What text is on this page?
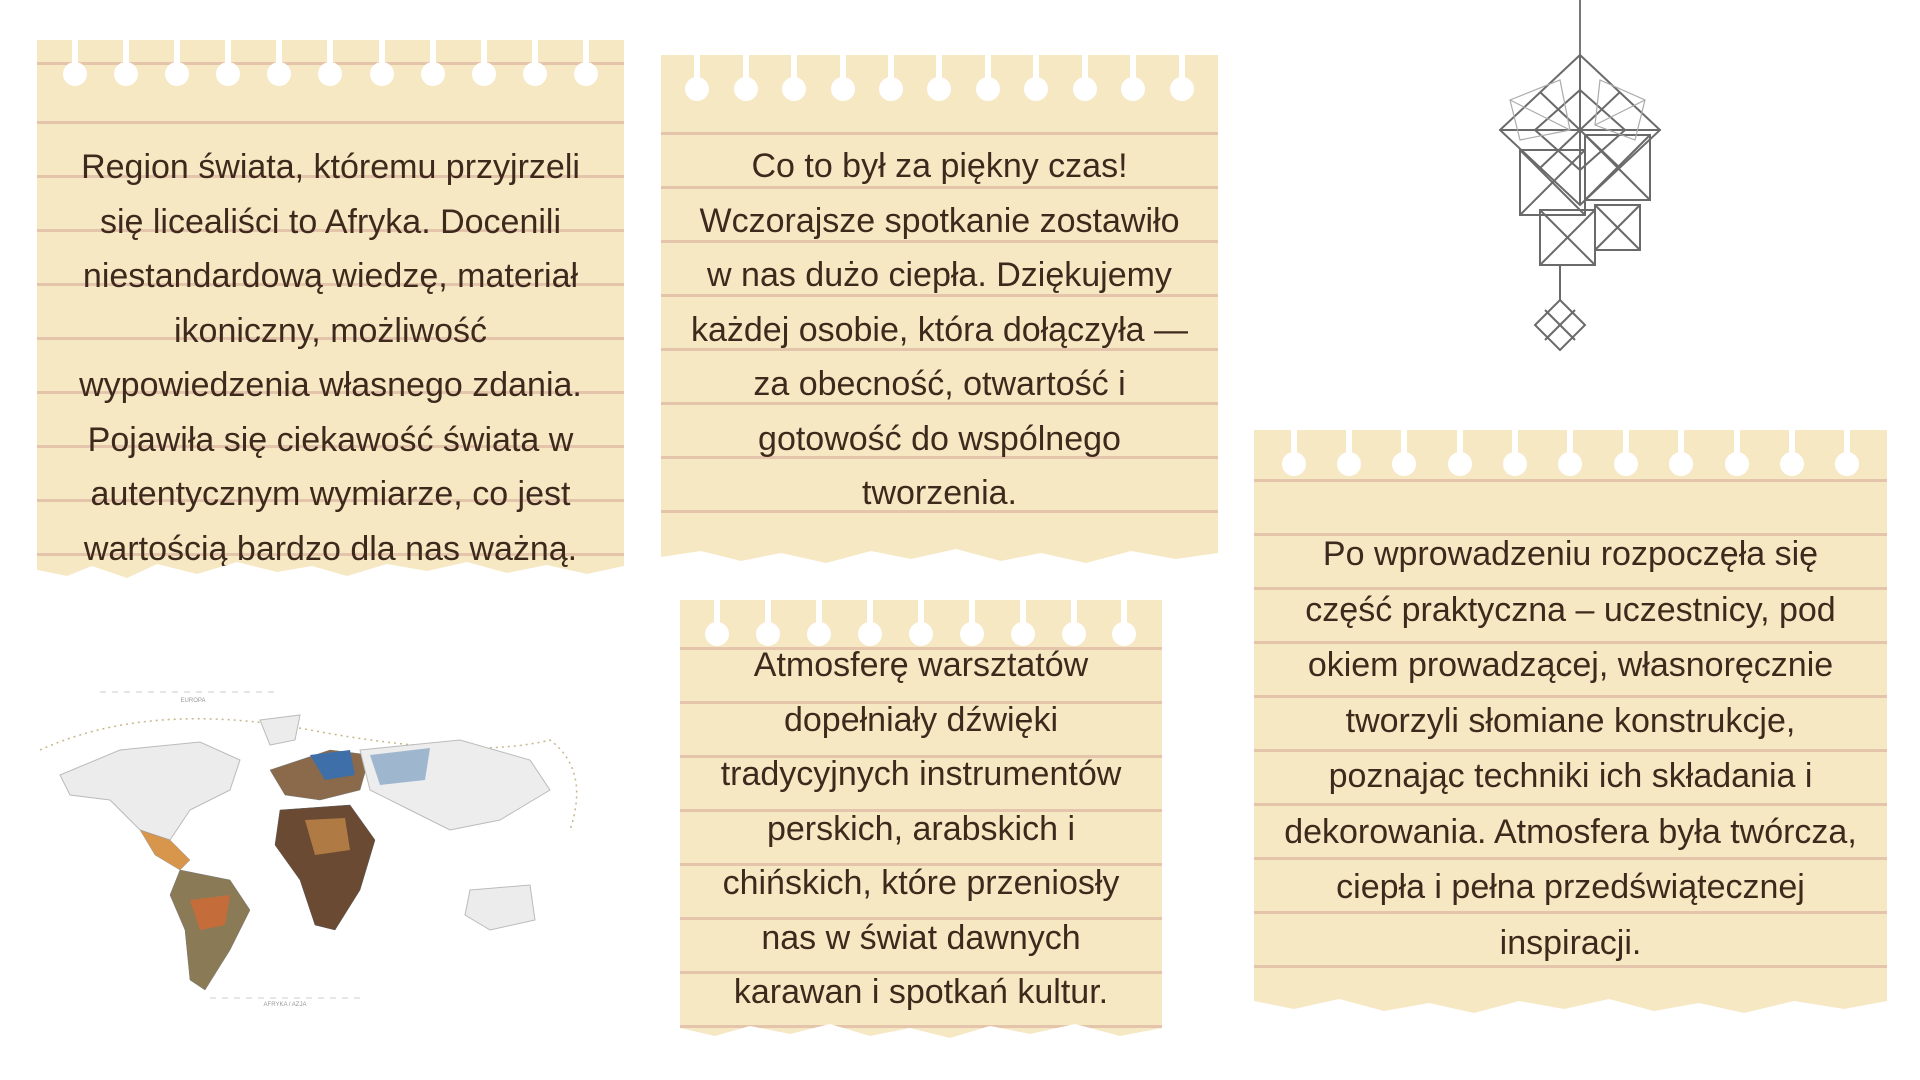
Region świata, któremu przyjrzeli się licealiści to Afryka. Docenili niestandardową wiedzę, materiał ikoniczny, możliwość wypowiedzenia własnego zdania. Pojawiła się ciekawość świata w autentycznym wymiarze, co jest wartością bardzo dla nas ważną.
Co to był za piękny czas! Wczorajsze spotkanie zostawiło w nas dużo ciepła. Dziękujemy każdej osobie, która dołączyła — za obecność, otwartość i gotowość do wspólnego tworzenia.
Atmosferę warsztatów dopełniały dźwięki tradycyjnych instrumentów perskich, arabskich i chińskich, które przeniosły nas w świat dawnych karawan i spotkań kultur.
Po wprowadzeniu rozpoczęła się część praktyczna – uczestnicy, pod okiem prowadzącej, własnoręcznie tworzyli słomiane konstrukcje, poznając techniki ich składania i dekorowania. Atmosfera była twórcza, ciepła i pełna przedświątecznej inspiracji.
EUROPA
AFRYKA / AZJA
